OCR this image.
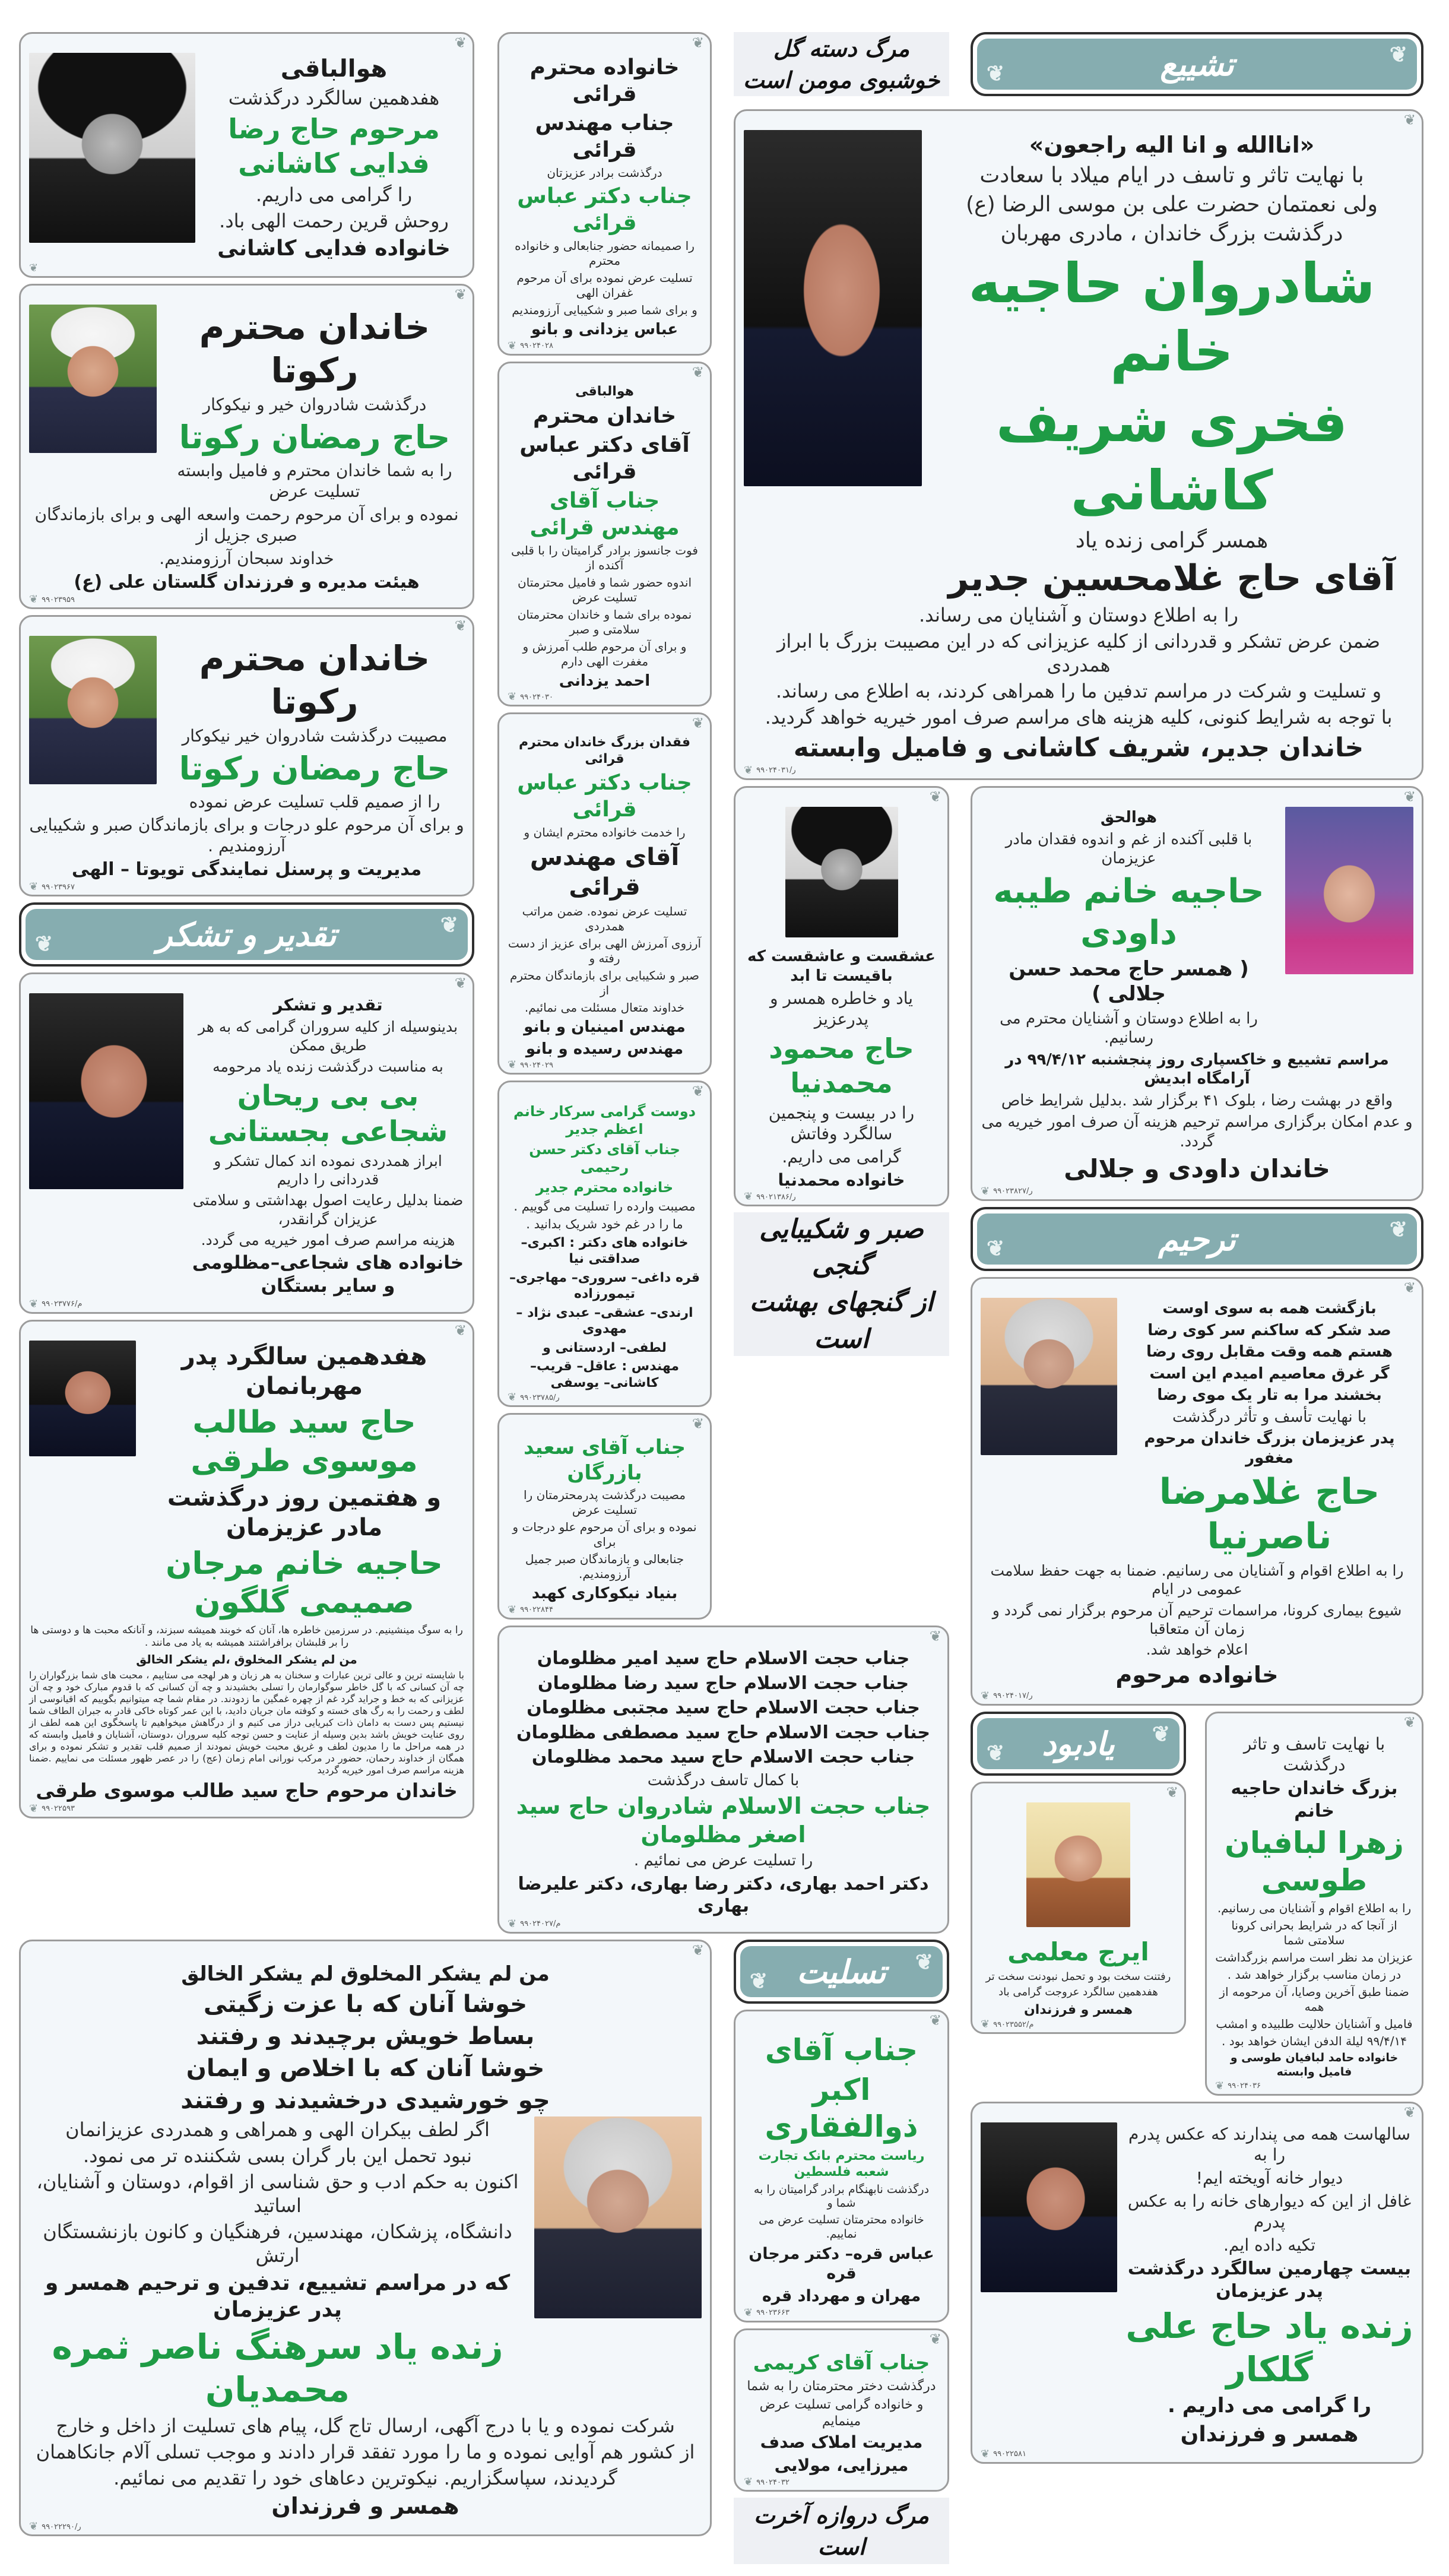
❦
تشییع
❦
❦
تقدیر و تشکر
❦
❦
ترحیم
❦
❦
تسلیت
❦
❦
یادبود
❦
مرگ دسته گل خوشبوی مومن است
صبر و شکیبایی گنجی
از گنجهای بهشت است
مرگ دروازه آخرت است
هوالباقی
هفدهمین سالگرد درگذشت
مرحوم حاج رضا فدایی کاشانی
را گرامی می داریم.
روحش قرین رحمت الهی باد.
خانواده فدایی کاشانی
❦
❦
خاندان محترم رکوتا
درگذشت شادروان خیر و نیکوکار
حاج رمضان رکوتا
را به شما خاندان محترم و فامیل وابسته تسلیت عرض
نموده و برای آن مرحوم رحمت واسعه الهی و برای بازماندگان صبری جزیل از
خداوند سبحان آرزومندیم.
هیئت مدیره و فرزندان گلستان علی (ع)
❦
❦ ۹۹۰۲۳۹۵۹
خاندان محترم رکوتا
مصیبت درگذشت شادروان خیر نیکوکار
حاج رمضان رکوتا
را از صمیم قلب تسلیت عرض نموده
و برای آن مرحوم علو درجات و برای بازماندگان صبر و شکیبایی آرزومندیم .
مدیریت و پرسنل نمایندگی تویوتا – الهی
❦
❦ ۹۹۰۲۳۹۶۷
تقدیر و تشکر
بدینوسیله از کلیه سروران گرامی که به هر طریق ممکن
به مناسبت درگذشت زنده یاد مرحومه
بی بی ریحان شجاعی بجستانی
ابراز همدردی نموده اند کمال تشکر و قدردانی را داریم
ضمنا بدلیل رعایت اصول بهداشتی و سلامتی عزیزان گرانقدر،
هزینه مراسم صرف امور خیریه می گردد.
خانواده های شجاعی–مظلومی و سایر بستگان
❦
❦ ۹۹۰۲۳۷۷۶/م
هفدهمین سالگرد پدر مهربانمان
حاج سید طالب موسوی طرقی
و هفتمین روز درگذشت مادر عزیزمان
حاجیه خانم مرجان صمیمی گلگون
را به سوگ مینشینیم. در سرزمین خاطره ها، آنان که خوبند همیشه سبزند، و آنانکه محبت ها و دوستی ها را بر قلبشان برافراشتند همیشه به یاد می مانند .
من لم یشکر المخلوق ،لم یشکر الخالق
با شایسته ترین و عالی ترین عبارات و سخنان به هر زبان و هر لهجه می ستاییم ، محبت های شما بزرگواران را چه آن کسانی که با گل خاطر سوگوارمان را تسلی بخشیدند و چه آن کسانی که با قدوم مبارک خود و چه آن عزیزانی که به خط و جراید گرد غم از چهره غمگین ما زدودند. در مقام شما چه میتوانیم بگوییم که اقیانوسی از لطف و رحمت را به رگ های خسته و کوفته مان جریان دادید، با این عمر کوتاه خاکی قادر به جبران الطاف شما نیستیم پس دست به دامان ذات کبریایی دراز می کنیم و از درگاهش میخواهیم تا پاسخگوی این همه لطف از روی عنایت خویش باشد بدین وسیله از عنایت و حسن توجه کلیه سروران ،دوستان، آشنایان و فامیل وابسته که در همه مراحل ما را مدیون لطف و غریق محبت خویش نمودند از صمیم قلب تقدیر و تشکر نموده و برای همگان از خداوند رحمان، حضور در مرکب نورانی امام زمان (عج) را در عصر ظهور مسئلت می نماییم .ضمنا هزینه مراسم صرف امور خیریه گردید
خاندان مرحوم حاج سید طالب موسوی طرقی
❦
❦ ۹۹۰۲۲۵۹۳
من لم یشکر المخلوق لم یشکر الخالق
خوشا آنان که با عزت زگیتی
بساط خویش برچیدند و رفتند
خوشا آنان که با اخلاص و ایمان
چو خورشیدی درخشیدند و رفتند
اگر لطف بیکران الهی و همراهی و همدردی عزیزانمان
نبود تحمل این بار گران بسی شکننده تر می نمود.
اکنون به حکم ادب و حق شناسی از اقوام، دوستان و آشنایان، اساتید
دانشگاه، پزشکان، مهندسین، فرهنگیان و کانون بازنشستگان ارتش
که در مراسم تشییع، تدفین و ترحیم همسر و پدر عزیزمان
زنده یاد سرهنگ ناصر ثمره محمدیان
شرکت نموده و یا با درج آگهی، ارسال تاج گل، پیام های تسلیت از داخل و خارج
از کشور هم آوایی نموده و ما را مورد تفقد قرار دادند و موجب تسلی آلام جانکاهمان
گردیدند، سپاسگزاریم. نیکوترین دعاهای خود را تقدیم می نمائیم.
همسر و فرزندان
❦
❦ ۹۹۰۲۲۲۹۰/ر
خانواده محترم قرائی
جناب مهندس قرائی
درگذشت برادر عزیزتان
جناب دکتر عباس قرائی
را صمیمانه حضور جنابعالی و خانواده محترم
تسلیت عرض نموده برای آن مرحوم غفران الهی
و برای شما صبر و شکیبایی آرزومندیم
عباس یزدانی و بانو
❦
❦ ۹۹۰۲۴۰۲۸
هوالباقی
خاندان محترم
آقای دکتر عباس قرائی
جناب آقای مهندس قرائی
فوت جانسوز برادر گرامیتان را با قلبی آکنده از
اندوه حضور شما و فامیل محترمتان تسلیت عرض
نموده برای شما و خاندان محترمتان سلامتی و صبر
و برای آن مرحوم طلب آمرزش و مغفرت الهی دارم
احمد یزدانی
❦
❦ ۹۹۰۲۴۰۳۰
فقدان بزرگ خاندان محترم قرائی
جناب دکتر عباس قرائی
را خدمت خانواده محترم ایشان و
آقای مهندس قرائی
تسلیت عرض نموده. ضمن مراتب همدردی
آرزوی آمرزش الهی برای عزیز از دست رفته و
صبر و شکیبایی برای بازماندگان محترم از
خداوند متعال مسئلت می نمائیم.
مهندس امینیان و بانو
مهندس رسیده و بانو
❦
❦ ۹۹۰۲۴۰۲۹
دوست گرامی سرکار خانم اعظم جدیر
جناب آقای دکتر حسن رحیمی
خانواده محترم جدیر
مصیبت وارده را تسلیت می گوییم .
ما را در غم خود شریک بدانید .
خانواده های دکتر : اکبری– صداقتی نیا
قره داغی– سروری– مهاجری–تیمورزاده
ارندی– عشقی– عبدی نژاد –مهدوی
لطفی– اردستانی و
مهندس : عاقل– قریب– کاشانی– یوسفی
❦
❦ ۹۹۰۲۳۷۸۵/ر
جناب آقای سعید بازرگان
مصیبت درگذشت پدرمحترمتان را تسلیت عرض
نموده و برای آن مرحوم علو درجات و برای
جنابعالی و بازماندگان صبر جمیل آرزومندیم.
بنیاد نیکوکاری کهبد
❦
❦ ۹۹۰۲۲۸۴۴
جناب حجت الاسلام حاج سید امیر مظلومان
جناب حجت الاسلام حاج سید رضا مظلومان
جناب حجت الاسلام حاج سید مجتبی مظلومان
جناب حجت الاسلام حاج سید مصطفی مظلومان
جناب حجت الاسلام حاج سید محمد مظلومان
با کمال تاسف درگذشت
جناب حجت الاسلام شادروان حاج سید اصغر مظلومان
را تسلیت عرض می نمائیم .
دکتر احمد بهاری، دکتر رضا بهاری، دکتر علیرضا بهاری
❦
❦ ۹۹۰۲۴۰۲۷/م
«اناالله و انا الیه راجعون»
با نهایت تاثر و تاسف در ایام میلاد با سعادت
ولی نعمتمان حضرت علی بن موسی الرضا (ع)
درگذشت بزرگ خاندان ، مادری مهربان
شادروان حاجیه خانم
فخری شریف کاشانی
همسر گرامی زنده یاد
آقای حاج غلامحسین جدیر
را به اطلاع دوستان و آشنایان می رساند.
ضمن عرض تشکر و قدردانی از کلیه عزیزانی که در این مصیبت بزرگ با ابراز همدردی
و تسلیت و شرکت در مراسم تدفین ما را همراهی کردند، به اطلاع می رساند.
با توجه به شرایط کنونی، کلیه هزینه های مراسم صرف امور خیریه خواهد گردید.
خاندان جدیر، شریف کاشانی و فامیل وابسته
❦
❦ ۹۹۰۲۴۰۳۱/ر
عشقست و عاشقست که باقیست تا ابد
یاد و خاطره همسر و پدرعزیز
حاج محمود محمدنیا
را در بیست و پنجمین سالگرد وفاتش
گرامی می داریم.
خانواده محمدنیا
❦
❦ ۹۹۰۲۱۳۸۶/ر
هوالحق
با قلبی آکنده از غم و اندوه فقدان مادر عزیزمان
حاجیه خانم طیبه داودی
( همسر حاج محمد حسن جلالی )
را به اطلاع دوستان و آشنایان محترم می رسانیم.
مراسم تشییع و خاکسپاری روز پنجشنبه ۹۹/۴/۱۲ در آرامگاه ابدیش
واقع در بهشت رضا ، بلوک ۴۱ برگزار شد .بدلیل شرایط خاص
و عدم امکان برگزاری مراسم ترحیم هزینه آن صرف امور خیریه می گردد.
خاندان داودی و جلالی
❦
❦ ۹۹۰۲۳۸۲۷/ر
بازگشت همه به سوی اوست
صد شکر که ساکنم سر کوی رضا
هستم همه وقت مقابل روی رضا
گر غرق معاصیم امیدم این است
بخشند مرا به تار یک موی رضا
با نهایت تأسف و تأثر درگذشت
پدر عزیزمان بزرگ خاندان مرحوم مغفور
حاج غلامرضا ناصرنیا
را به اطلاع اقوام و آشنایان می رسانیم. ضمنا به جهت حفظ سلامت عمومی در ایام
شیوع بیماری کرونا، مراسمات ترحیم آن مرحوم برگزار نمی گردد و زمان آن متعاقبا
اعلام خواهد شد.
خانواده مرحوم
❦
❦ ۹۹۰۲۴۰۱۷/ر
جناب آقای
اکبر ذوالفقاری
ریاست محترم بانک تجارت شعبه فلسطین
درگذشت نابهنگام برادر گرامیتان را به شما و
خانواده محترمتان تسلیت عرض می نماییم.
عباس قره– دکتر مرجان قره
مهران و مهرداد قره
❦
❦ ۹۹۰۲۳۶۶۳
جناب آقای کریمی
درگذشت دختر محترمتان را به شما
و خانواده گرامی تسلیت عرض مینمایم
مدیریت املاک صدف
میرزایی، مولایی
❦
❦ ۹۹۰۲۴۰۳۲
ایرج معلمی
رفتنت سخت بود و تحمل نبودنت سخت تر
هفدهمین سالگرد عروجت گرامی باد
همسر و فرزندان
❦
❦ ۹۹۰۲۳۵۵۲/م
با نهایت تاسف و تاثر درگذشت
بزرگ خاندان حاجیه خانم
زهرا لبافیان طوسی
را به اطلاع اقوام و آشنایان می رسانیم.
از آنجا که در شرایط بحرانی کرونا سلامتی شما
عزیزان مد نظر است مراسم بزرگداشت
در زمان مناسب برگزار خواهد شد .
ضمنا طبق آخرین وصایا، آن مرحومه از همه
فامیل و آشنایان حلالیت طلبیده و امشب
۹۹/۴/۱۴ لیلة الدفن ایشان خواهد بود .
خانواده حامد لبافیان طوسی و فامیل وابسته
❦
❦ ۹۹۰۲۴۰۳۶
سالهاست همه می پندارند که عکس پدرم را به
دیوار خانه آویخته ایم!
غافل از این که دیوارهای خانه را به عکس پدرم
تکیه داده ایم.
بیست چهارمین سالگرد درگذشت پدر عزیزمان
زنده یاد حاج علی گلکار
را گرامی می داریم .
همسر و فرزندان
❦
❦ ۹۹۰۲۲۵۸۱
